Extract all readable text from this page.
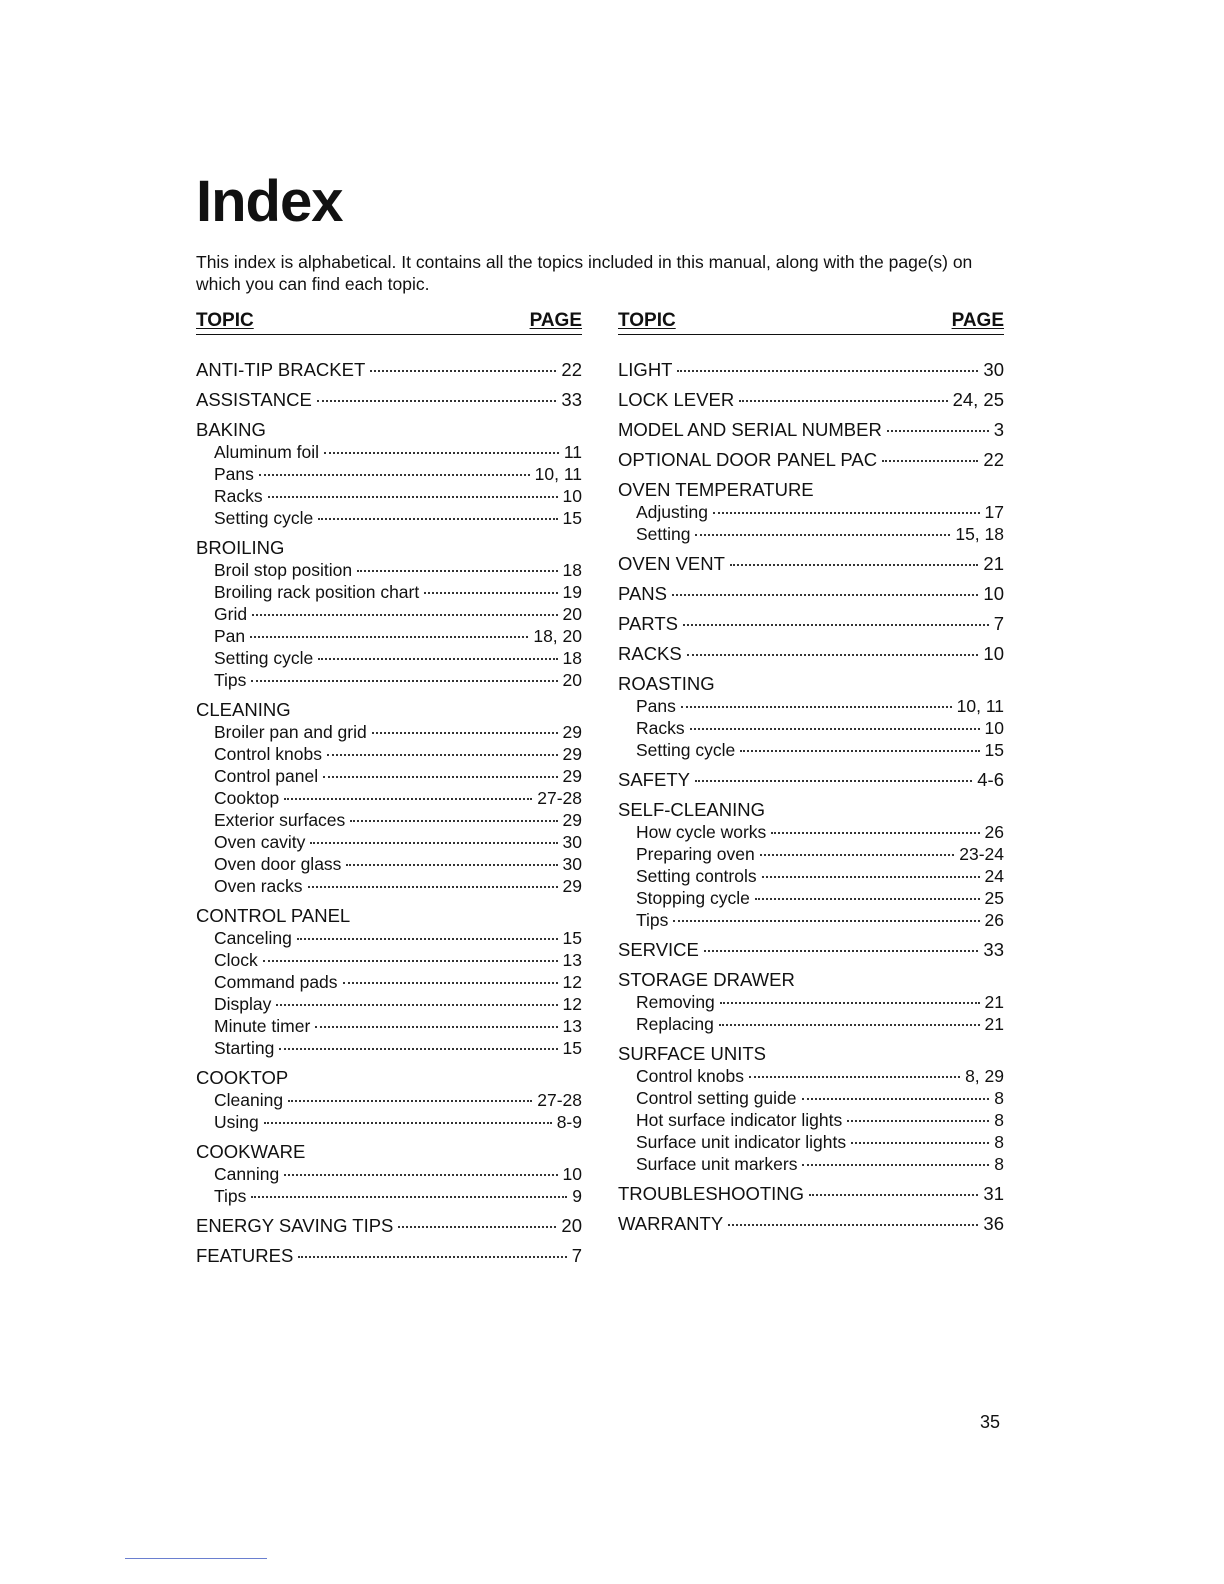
Index

This index is alphabetical. It contains all the topics included in this manual, along with the page(s) on which you can find each topic.

TOPIC	PAGE
ANTI-TIP BRACKET	22
ASSISTANCE	33
BAKING
Aluminum foil	11
Pans	10, 11
Racks	10
Setting cycle	15
BROILING
Broil stop position	18
Broiling rack position chart	19
Grid	20
Pan	18, 20
Setting cycle	18
Tips	20
CLEANING
Broiler pan and grid	29
Control knobs	29
Control panel	29
Cooktop	27-28
Exterior surfaces	29
Oven cavity	30
Oven door glass	30
Oven racks	29
CONTROL PANEL
Canceling	15
Clock	13
Command pads	12
Display	12
Minute timer	13
Starting	15
COOKTOP
Cleaning	27-28
Using	8-9
COOKWARE
Canning	10
Tips	9
ENERGY SAVING TIPS	20
FEATURES	7
TOPIC	PAGE
LIGHT	30
LOCK LEVER	24, 25
MODEL AND SERIAL NUMBER	3
OPTIONAL DOOR PANEL PAC	22
OVEN TEMPERATURE
Adjusting	17
Setting	15, 18
OVEN VENT	21
PANS	10
PARTS	7
RACKS	10
ROASTING
Pans	10, 11
Racks	10
Setting cycle	15
SAFETY	4-6
SELF-CLEANING
How cycle works	26
Preparing oven	23-24
Setting controls	24
Stopping cycle	25
Tips	26
SERVICE	33
STORAGE DRAWER
Removing	21
Replacing	21
SURFACE UNITS
Control knobs	8, 29
Control setting guide	8
Hot surface indicator lights	8
Surface unit indicator lights	8
Surface unit markers	8
TROUBLESHOOTING	31
WARRANTY	36
35
